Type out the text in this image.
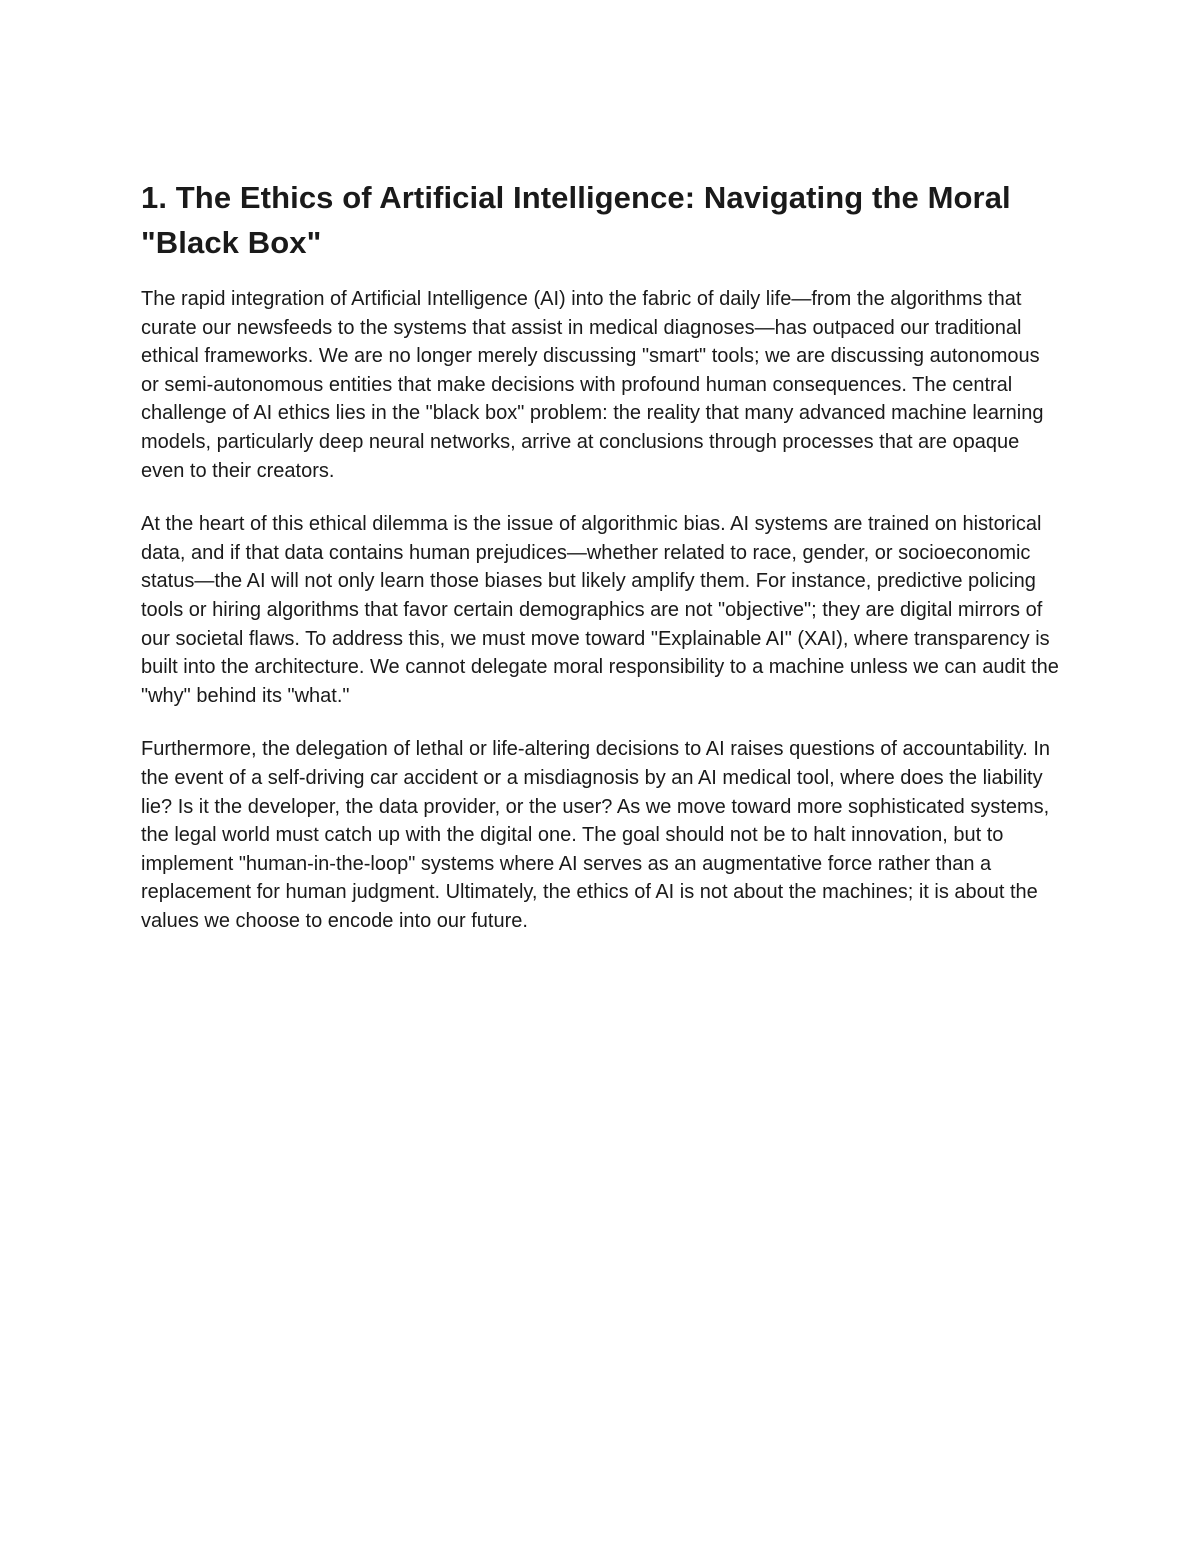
1. The Ethics of Artificial Intelligence: Navigating the Moral "Black Box"

The rapid integration of Artificial Intelligence (AI) into the fabric of daily life—from the algorithms that curate our newsfeeds to the systems that assist in medical diagnoses—has outpaced our traditional ethical frameworks. We are no longer merely discussing "smart" tools; we are discussing autonomous or semi-autonomous entities that make decisions with profound human consequences. The central challenge of AI ethics lies in the "black box" problem: the reality that many advanced machine learning models, particularly deep neural networks, arrive at conclusions through processes that are opaque even to their creators.

At the heart of this ethical dilemma is the issue of algorithmic bias. AI systems are trained on historical data, and if that data contains human prejudices—whether related to race, gender, or socioeconomic status—the AI will not only learn those biases but likely amplify them. For instance, predictive policing tools or hiring algorithms that favor certain demographics are not "objective"; they are digital mirrors of our societal flaws. To address this, we must move toward "Explainable AI" (XAI), where transparency is built into the architecture. We cannot delegate moral responsibility to a machine unless we can audit the "why" behind its "what."

Furthermore, the delegation of lethal or life-altering decisions to AI raises questions of accountability. In the event of a self-driving car accident or a misdiagnosis by an AI medical tool, where does the liability lie? Is it the developer, the data provider, or the user? As we move toward more sophisticated systems, the legal world must catch up with the digital one. The goal should not be to halt innovation, but to implement "human-in-the-loop" systems where AI serves as an augmentative force rather than a replacement for human judgment. Ultimately, the ethics of AI is not about the machines; it is about the values we choose to encode into our future.
